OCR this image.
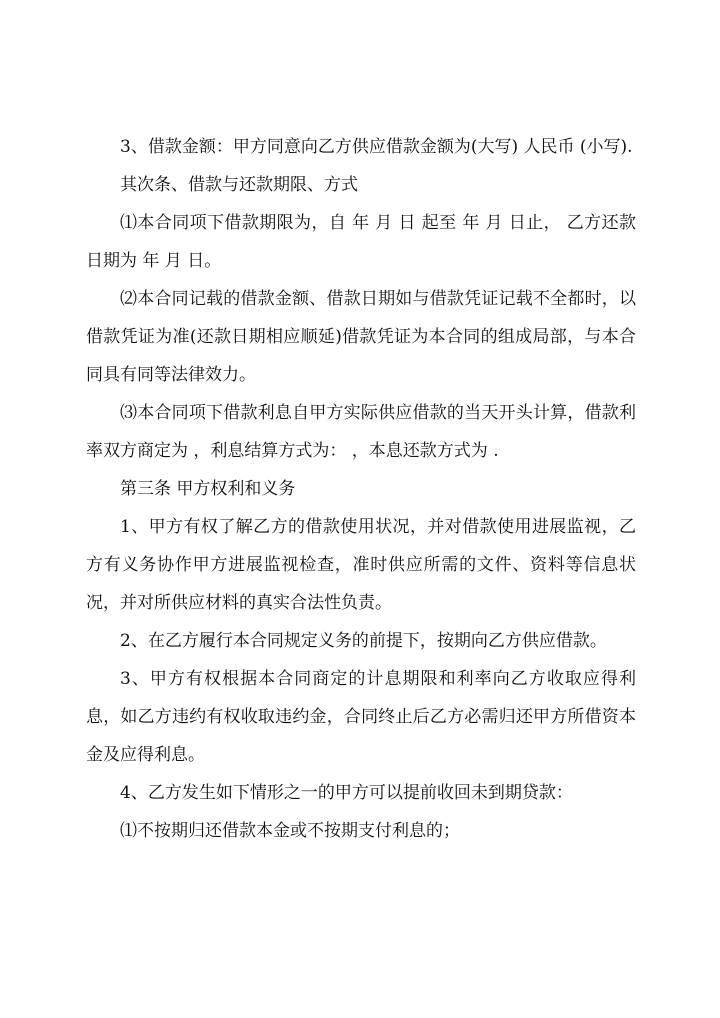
3、借款金额：甲方同意向乙方供应借款金额为(大写) 人民币 (小写).

其次条、借款与还款期限、方式

⑴本合同项下借款期限为，自 年 月 日 起至 年 月 日止， 乙方还款日期为 年 月 日。

⑵本合同记载的借款金额、借款日期如与借款凭证记载不全都时，以借款凭证为准(还款日期相应顺延)借款凭证为本合同的组成局部，与本合同具有同等法律效力。

⑶本合同项下借款利息自甲方实际供应借款的当天开头计算，借款利率双方商定为 ，利息结算方式为： ，本息还款方式为 .

第三条 甲方权利和义务

1、甲方有权了解乙方的借款使用状况，并对借款使用进展监视，乙方有义务协作甲方进展监视检查，准时供应所需的文件、资料等信息状况，并对所供应材料的真实合法性负责。

2、在乙方履行本合同规定义务的前提下，按期向乙方供应借款。

3、甲方有权根据本合同商定的计息期限和利率向乙方收取应得利息，如乙方违约有权收取违约金，合同终止后乙方必需归还甲方所借资本金及应得利息。

4、乙方发生如下情形之一的甲方可以提前收回未到期贷款：

⑴不按期归还借款本金或不按期支付利息的；
